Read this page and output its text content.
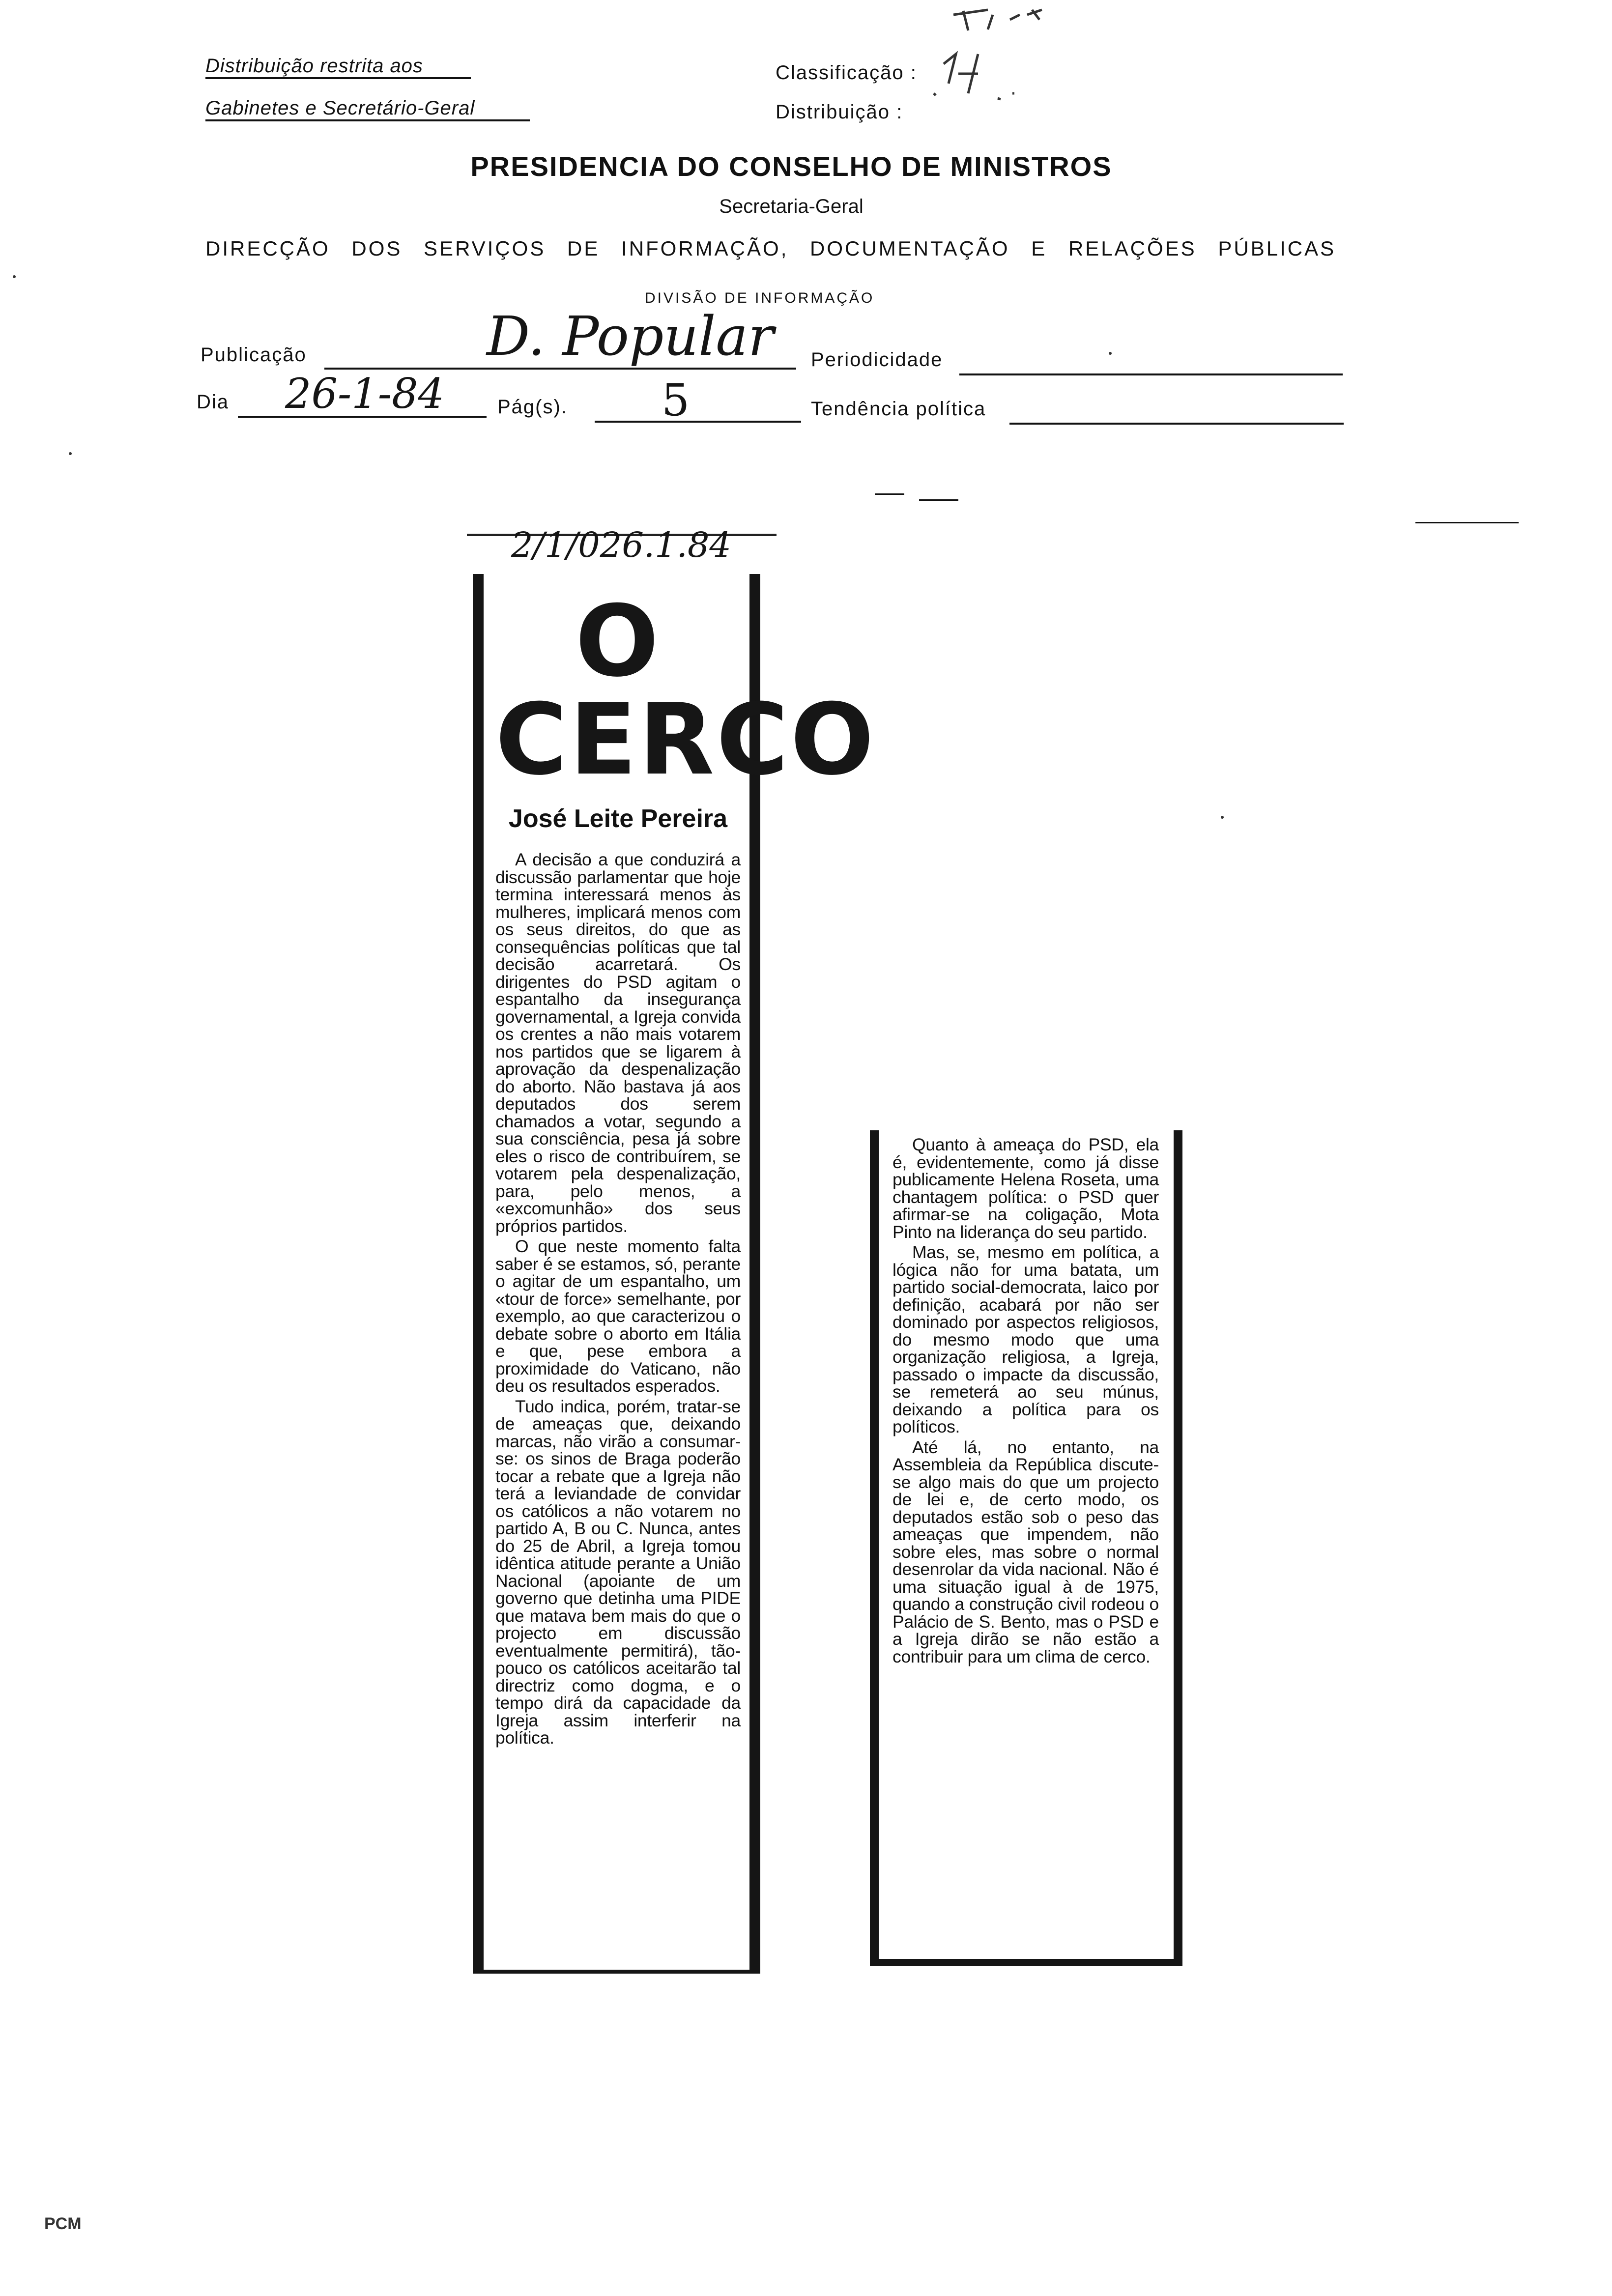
Distribuição restrita aos
Gabinetes e Secretário-Geral
Classificação :
Distribuição :
PRESIDENCIA DO CONSELHO DE MINISTROS
Secretaria-Geral
DIRECÇÃO DOS SERVIÇOS DE INFORMAÇÃO, DOCUMENTAÇÃO E RELAÇÕES PÚBLICAS
DIVISÃO DE INFORMAÇÃO
Publicação	D. Popular Periodicidade
Dia 26-1-84	Pág(s). 5	Tendência política
2/1/026.1.84
O CERCO
José Leite Pereira

A decisão a que conduzirá a discussão parlamentar que hoje termina interessará menos às mulheres, implicará menos com os seus direitos, do que as consequências políticas que tal decisão acarretará. Os dirigentes do PSD agitam o espantalho da insegurança governamental, a Igreja convida os crentes a não mais votarem nos partidos que se ligarem à aprovação da despenalização do aborto. Não bastava já aos deputados dos serem chamados a votar, segundo a sua consciência, pesa já sobre eles o risco de contribuírem, se votarem pela despenalização, para, pelo menos, a «excomunhão» dos seus próprios partidos.

O que neste momento falta saber é se estamos, só, perante o agitar de um espantalho, um «tour de force» semelhante, por exemplo, ao que caracterizou o debate sobre o aborto em Itália e que, pese embora a proximidade do Vaticano, não deu os resultados esperados.

Tudo indica, porém, tratar-se de ameaças que, deixando marcas, não virão a consumar-se: os sinos de Braga poderão tocar a rebate que a Igreja não terá a leviandade de convidar os católicos a não votarem no partido A, B ou C. Nunca, antes do 25 de Abril, a Igreja tomou idêntica atitude perante a União Nacional (apoiante de um governo que detinha uma PIDE que matava bem mais do que o projecto em discussão eventualmente permitirá), tão-pouco os católicos aceitarão tal directriz como dogma, e o tempo dirá da capacidade da Igreja assim interferir na política.

Quanto à ameaça do PSD, ela é, evidentemente, como já disse publicamente Helena Roseta, uma chantagem política: o PSD quer afirmar-se na coligação, Mota Pinto na liderança do seu partido.

Mas, se, mesmo em política, a lógica não for uma batata, um partido social-democrata, laico por definição, acabará por não ser dominado por aspectos religiosos, do mesmo modo que uma organização religiosa, a Igreja, passado o impacte da discussão, se remeterá ao seu múnus, deixando a política para os políticos.

Até lá, no entanto, na Assembleia da República discute-se algo mais do que um projecto de lei e, de certo modo, os deputados estão sob o peso das ameaças que impendem, não sobre eles, mas sobre o normal desenrolar da vida nacional. Não é uma situação igual à de 1975, quando a construção civil rodeou o Palácio de S. Bento, mas o PSD e a Igreja dirão se não estão a contribuir para um clima de cerco.

PCM
